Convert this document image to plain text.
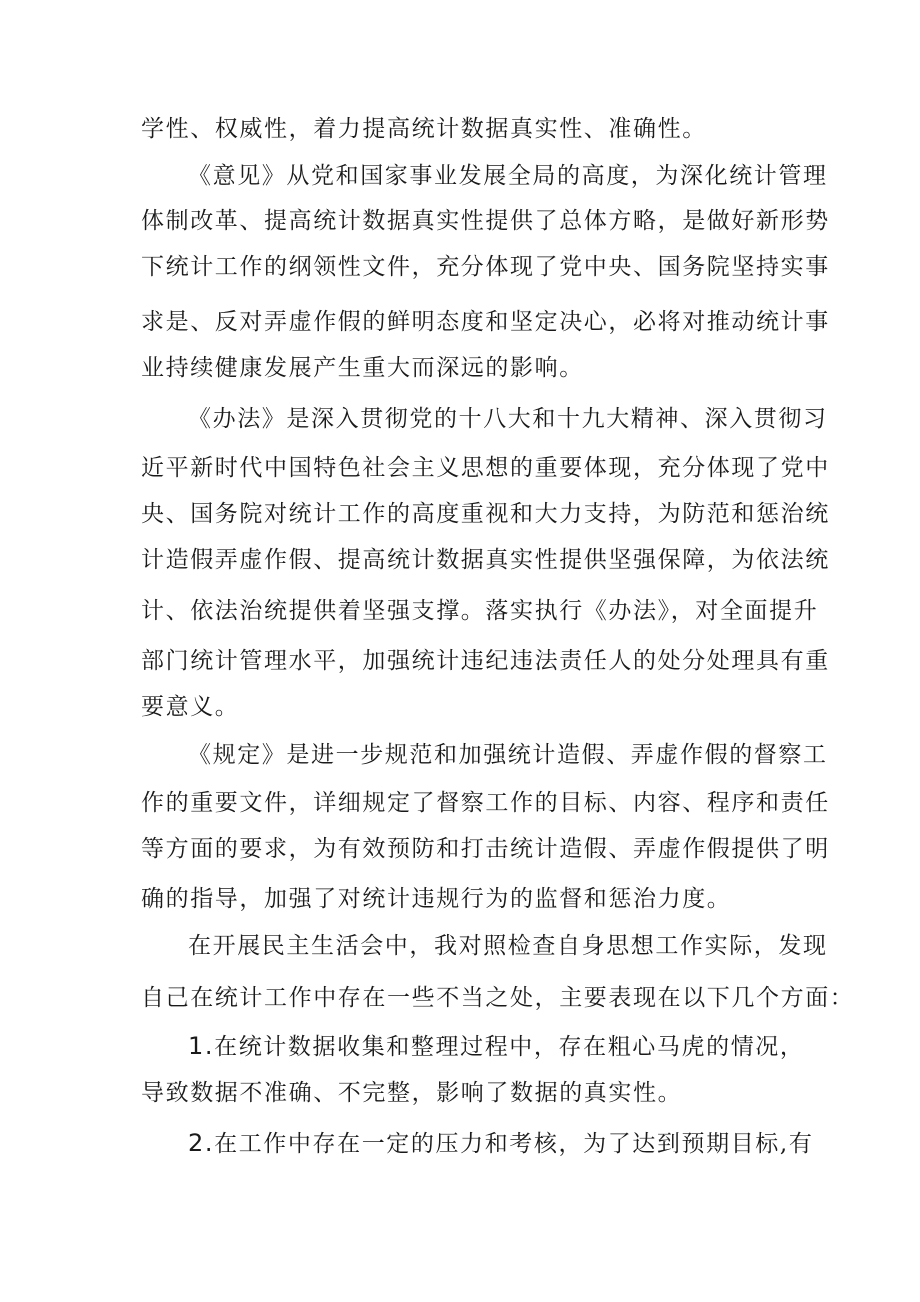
学性、权威性，着力提高统计数据真实性、准确性。

《意见》从党和国家事业发展全局的高度，为深化统计管理

体制改革、提高统计数据真实性提供了总体方略，是做好新形势

下统计工作的纲领性文件，充分体现了党中央、国务院坚持实事

求是、反对弄虚作假的鲜明态度和坚定决心，必将对推动统计事

业持续健康发展产生重大而深远的影响。

《办法》是深入贯彻党的十八大和十九大精神、深入贯彻习

近平新时代中国特色社会主义思想的重要体现，充分体现了党中

央、国务院对统计工作的高度重视和大力支持，为防范和惩治统

计造假弄虚作假、提高统计数据真实性提供坚强保障，为依法统

计、依法治统提供着坚强支撑。落实执行《办法》，对全面提升

部门统计管理水平，加强统计违纪违法责任人的处分处理具有重

要意义。

《规定》是进一步规范和加强统计造假、弄虚作假的督察工

作的重要文件，详细规定了督察工作的目标、内容、程序和责任

等方面的要求，为有效预防和打击统计造假、弄虚作假提供了明

确的指导，加强了对统计违规行为的监督和惩治力度。

在开展民主生活会中，我对照检查自身思想工作实际，发现

自己在统计工作中存在一些不当之处，主要表现在以下几个方面：

1.在统计数据收集和整理过程中，存在粗心马虎的情况，

导致数据不准确、不完整，影响了数据的真实性。

2.在工作中存在一定的压力和考核，为了达到预期目标,有
